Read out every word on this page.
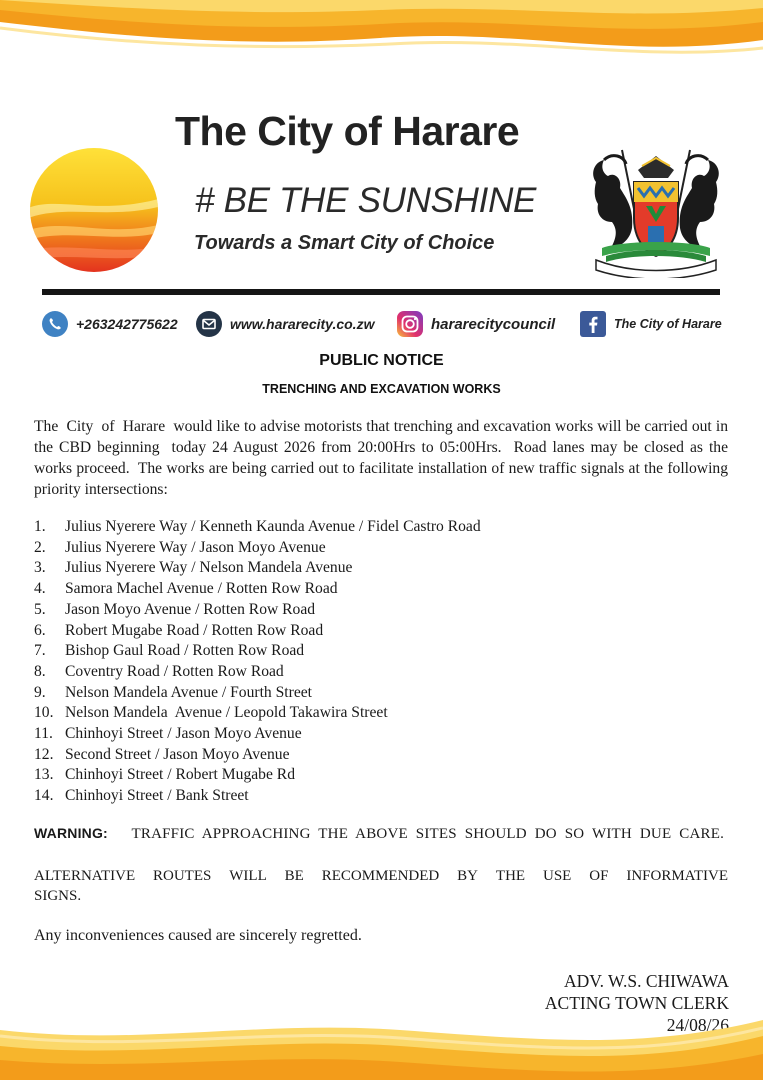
The City of Harare
# BE THE SUNSHINE
Towards a Smart City of Choice
+263242775622	www.hararecity.co.zw	hararecitycouncil	The City of Harare
PUBLIC NOTICE
TRENCHING AND EXCAVATION WORKS
The  City  of  Harare  would like to advise motorists that trenching and excavation works will be carried out in the CBD beginning  today 24 August 2026 from 20:00Hrs to 05:00Hrs.  Road lanes may be closed as the works proceed.  The works are being carried out to facilitate installation of new traffic signals at the following priority intersections:
1.	Julius Nyerere Way / Kenneth Kaunda Avenue / Fidel Castro Road
2.	Julius Nyerere Way / Jason Moyo Avenue
3.	Julius Nyerere Way / Nelson Mandela Avenue
4.	Samora Machel Avenue / Rotten Row Road
5.	Jason Moyo Avenue / Rotten Row Road
6.	Robert Mugabe Road / Rotten Row Road
7.	Bishop Gaul Road / Rotten Row Road
8.	Coventry Road / Rotten Row Road
9.	Nelson Mandela Avenue / Fourth Street
10. Nelson Mandela  Avenue / Leopold Takawira Street
11. Chinhoyi Street / Jason Moyo Avenue
12. Second Street / Jason Moyo Avenue
13. Chinhoyi Street / Robert Mugabe Rd
14. Chinhoyi Street / Bank Street
WARNING: TRAFFIC APPROACHING THE ABOVE SITES SHOULD DO SO WITH DUE CARE.
ALTERNATIVE ROUTES WILL BE RECOMMENDED BY THE USE OF INFORMATIVE
SIGNS.
Any inconveniences caused are sincerely regretted.
ADV. W.S. CHIWAWA
ACTING TOWN CLERK
24/08/26
